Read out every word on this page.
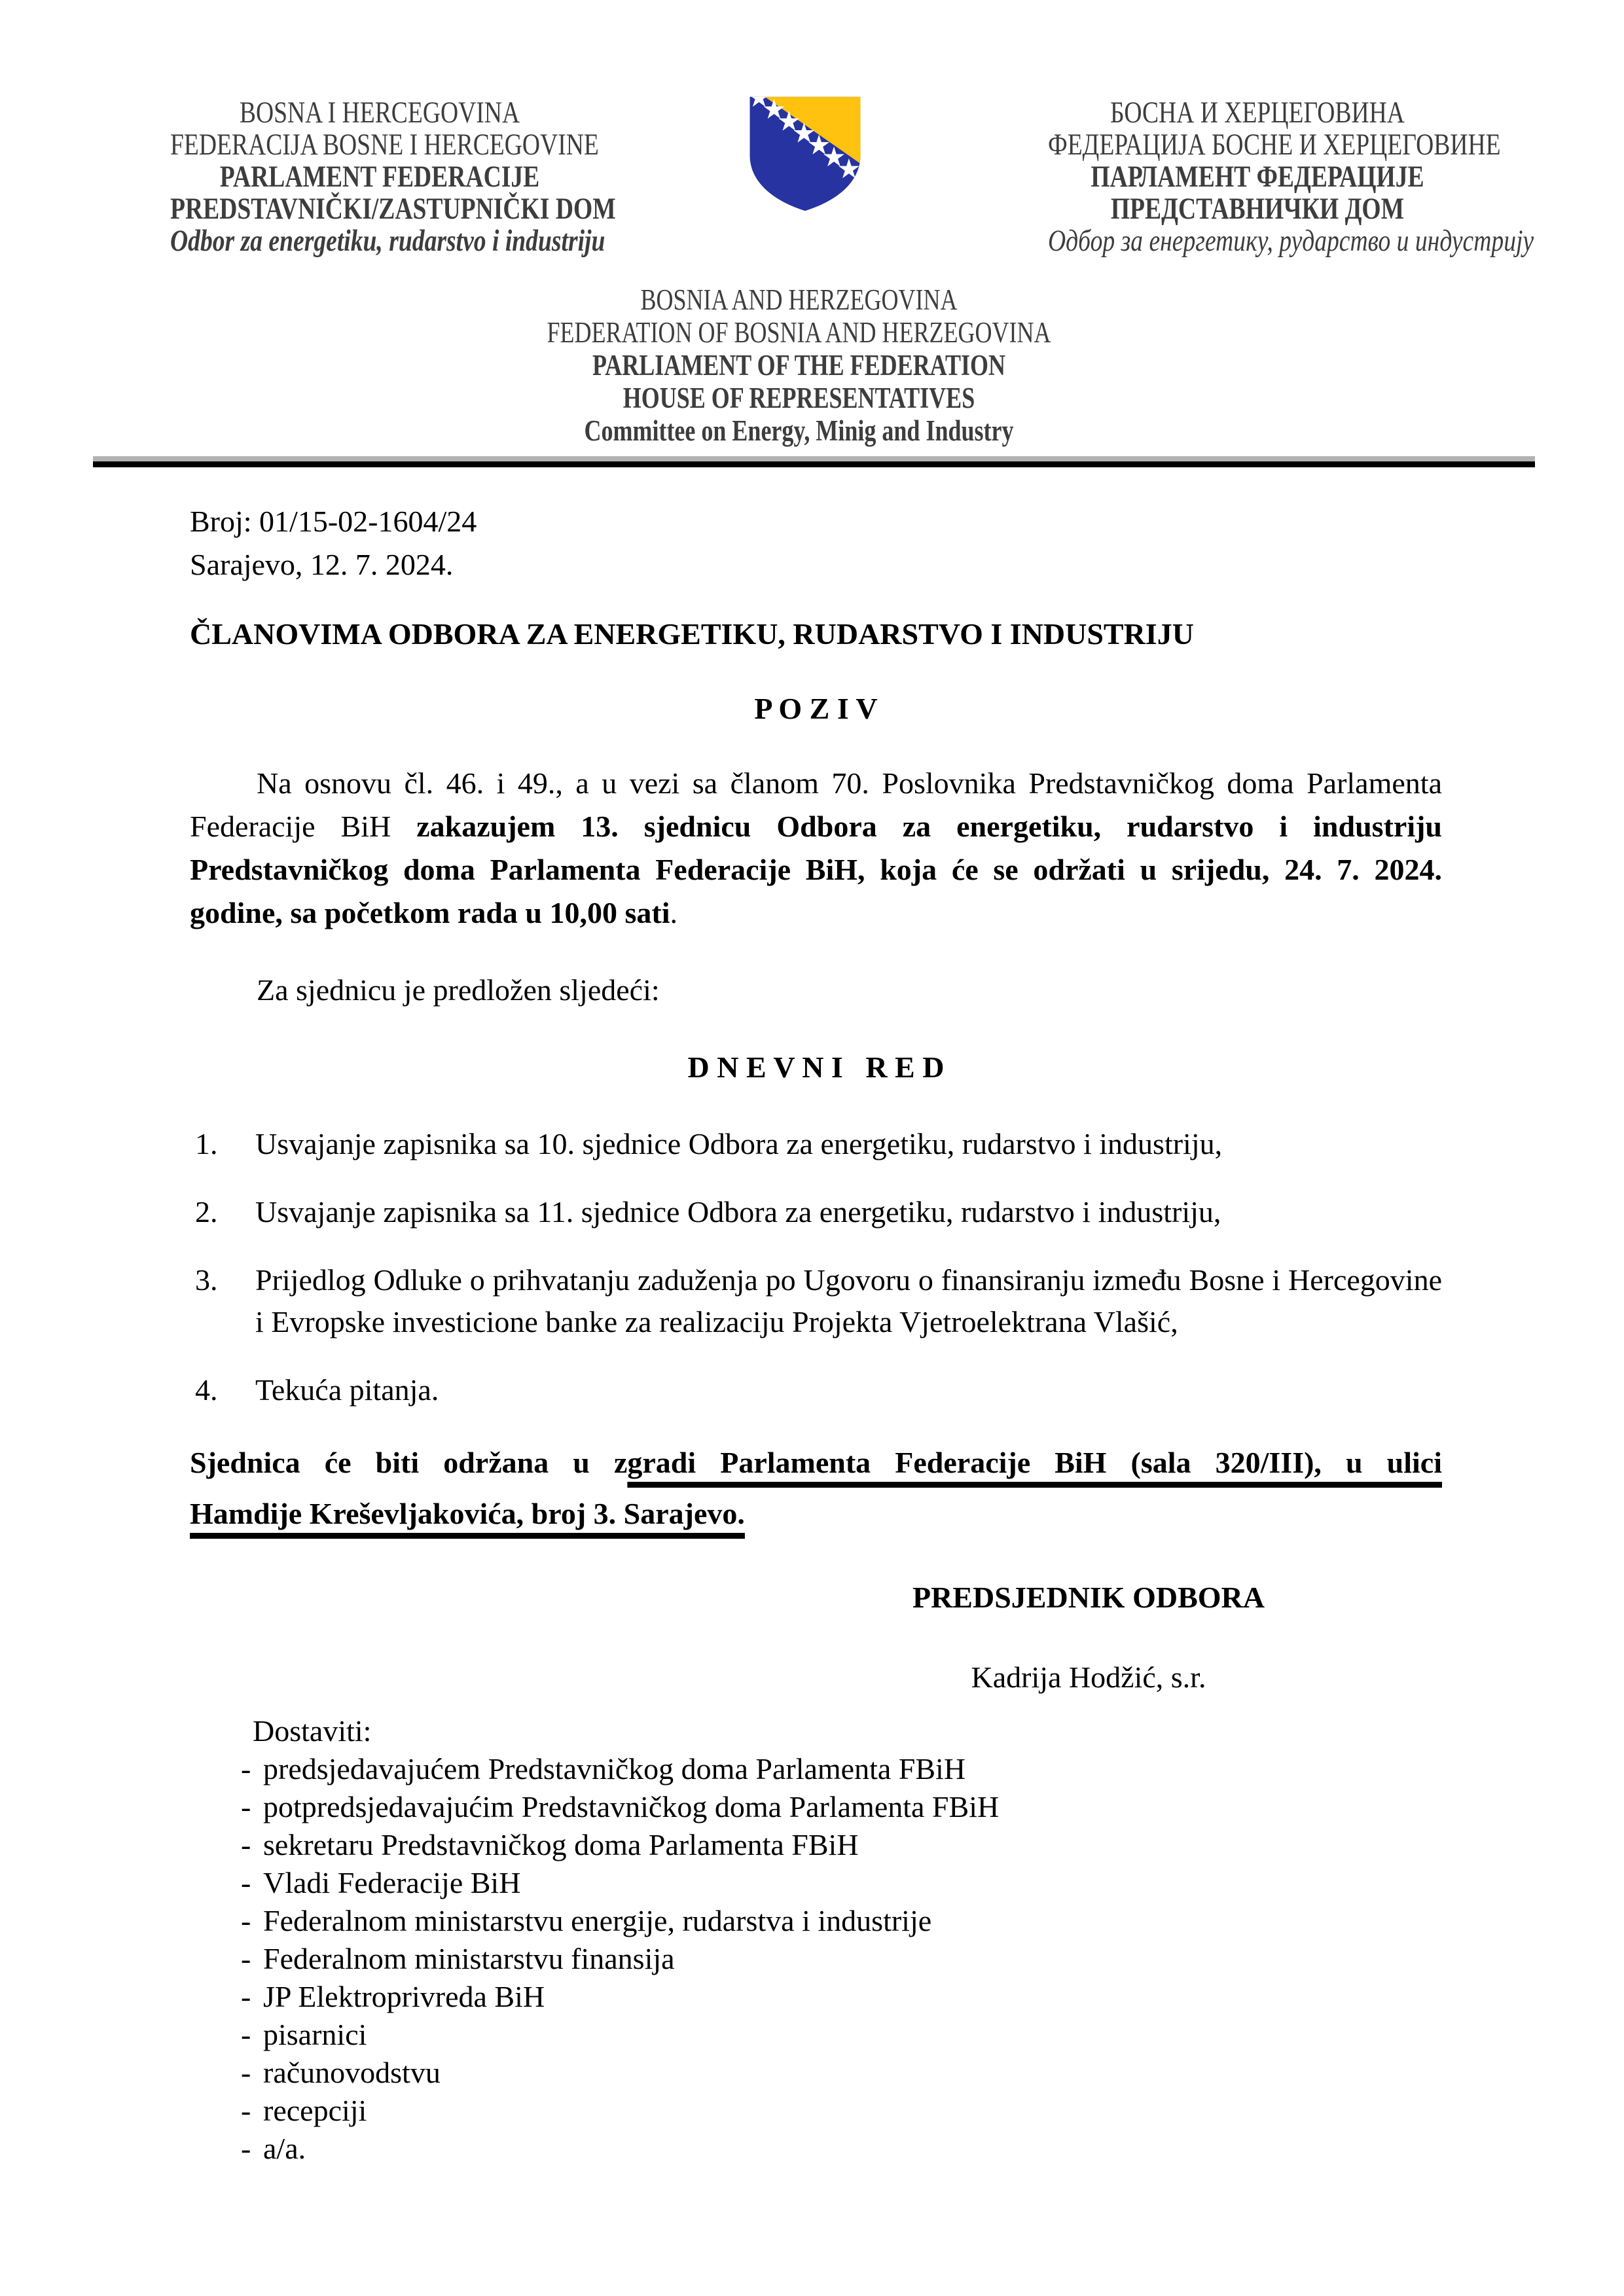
BOSNA I HERCEGOVINA
FEDERACIJA BOSNE I HERCEGOVINE
PARLAMENT FEDERACIJE
PREDSTAVNIČKI/ZASTUPNIČKI DOM
Odbor za energetiku, rudarstvo i industriju
БОСНА И ХЕРЦЕГОВИНА
ФЕДЕРАЦИЈА БОСНЕ И ХЕРЦЕГОВИНЕ
ПАРЛАМЕНТ ФЕДЕРАЦИЈЕ
ПРЕДСТАВНИЧКИ ДОМ
Одбор за енергетику, рударство и индустрију
BOSNIA AND HERZEGOVINA
FEDERATION OF BOSNIA AND HERZEGOVINA
PARLIAMENT OF THE FEDERATION
HOUSE OF REPRESENTATIVES
Committee on Energy, Minig and Industry
Broj: 01/15-02-1604/24
Sarajevo, 12. 7. 2024.
ČLANOVIMA ODBORA ZA ENERGETIKU, RUDARSTVO I INDUSTRIJU
P O Z I V

Na osnovu čl. 46. i 49., a u vezi sa članom 70. Poslovnika Predstavničkog doma Parlamenta Federacije BiH zakazujem 13. sjednicu Odbora za energetiku, rudarstvo i industriju Predstavničkog doma Parlamenta Federacije BiH, koja će se održati u srijedu, 24. 7. 2024. godine, sa početkom rada u 10,00 sati.

Za sjednicu je predložen sljedeći:

D N E V N I   R E D
1.	Usvajanje zapisnika sa 10. sjednice Odbora za energetiku, rudarstvo i industriju,
2.	Usvajanje zapisnika sa 11. sjednice Odbora za energetiku, rudarstvo i industriju,
3.	Prijedlog Odluke o prihvatanju zaduženja po Ugovoru o finansiranju između Bosne i Hercegovine i Evropske investicione banke za realizaciju Projekta Vjetroelektrana Vlašić,
4.	Tekuća pitanja.

Sjednica će biti održana u zgradi Parlamenta Federacije BiH (sala 320/III), u ulici
Hamdije Kreševljakovića, broj 3. Sarajevo.

PREDSJEDNIK ODBORA
Kadrija Hodžić, s.r.
Dostaviti:
- predsjedavajućem Predstavničkog doma Parlamenta FBiH
- potpredsjedavajućim Predstavničkog doma Parlamenta FBiH
- sekretaru Predstavničkog doma Parlamenta FBiH
- Vladi Federacije BiH
- Federalnom ministarstvu energije, rudarstva i industrije
- Federalnom ministarstvu finansija
- JP Elektroprivreda BiH
- pisarnici
- računovodstvu
- recepciji
- a/a.
